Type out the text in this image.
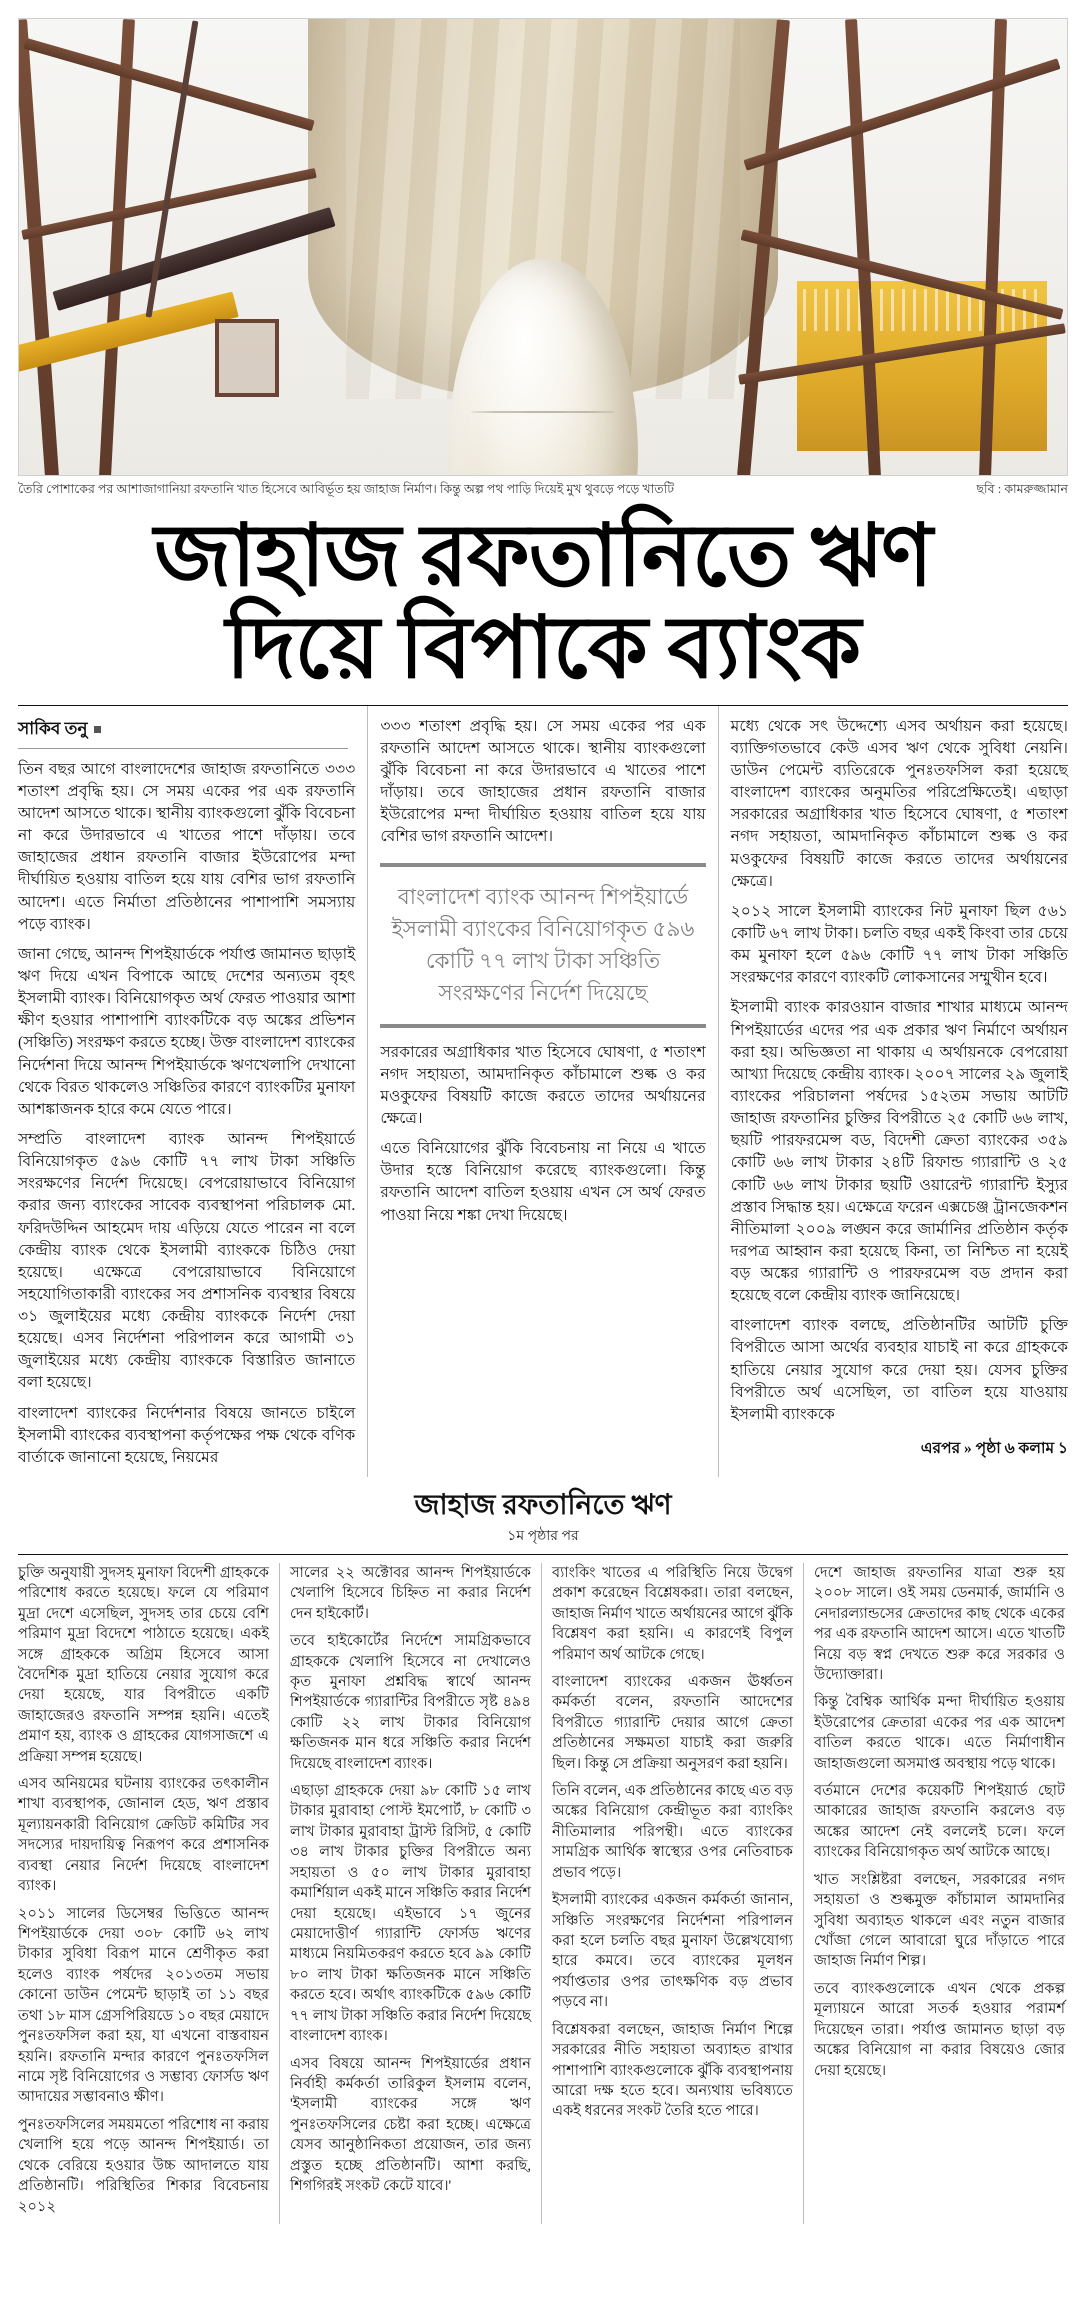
তৈরি পোশাকের পর আশাজাগানিয়া রফতানি খাত হিসেবে আবির্ভূত হয় জাহাজ নির্মাণ। কিন্তু অল্প পথ পাড়ি দিয়েই মুখ থুবড়ে পড়ে খাতটি	ছবি : কামরুজ্জামান
জাহাজ রফতানিতে ঋণ
দিয়ে বিপাকে ব্যাংক
সাকিব তনু

তিন বছর আগে বাংলাদেশের জাহাজ রফতানিতে ৩৩৩ শতাংশ প্রবৃদ্ধি হয়। সে সময় একের পর এক রফতানি আদেশ আসতে থাকে। স্থানীয় ব্যাংকগুলো ঝুঁকি বিবেচনা না করে উদারভাবে এ খাতের পাশে দাঁড়ায়। তবে জাহাজের প্রধান রফতানি বাজার ইউরোপের মন্দা দীর্ঘায়িত হওয়ায় বাতিল হয়ে যায় বেশির ভাগ রফতানি আদেশ। এতে নির্মাতা প্রতিষ্ঠানের পাশাপাশি সমস্যায় পড়ে ব্যাংক।

জানা গেছে, আনন্দ শিপইয়ার্ডকে পর্যাপ্ত জামানত ছাড়াই ঋণ দিয়ে এখন বিপাকে আছে দেশের অন্যতম বৃহৎ ইসলামী ব্যাংক। বিনিয়োগকৃত অর্থ ফেরত পাওয়ার আশা ক্ষীণ হওয়ার পাশাপাশি ব্যাংকটিকে বড় অঙ্কের প্রভিশন (সঞ্চিতি) সংরক্ষণ করতে হচ্ছে। উক্ত বাংলাদেশ ব্যাংকের নির্দেশনা দিয়ে আনন্দ শিপইয়ার্ডকে ঋণখেলাপি দেখানো থেকে বিরত থাকলেও সঞ্চিতির কারণে ব্যাংকটির মুনাফা আশঙ্কাজনক হারে কমে যেতে পারে।

সম্প্রতি বাংলাদেশ ব্যাংক আনন্দ শিপইয়ার্ডে বিনিয়োগকৃত ৫৯৬ কোটি ৭৭ লাখ টাকা সঞ্চিতি সংরক্ষণের নির্দেশ দিয়েছে। বেপরোয়াভাবে বিনিয়োগ করার জন্য ব্যাংকের সাবেক ব্যবস্থাপনা পরিচালক মো. ফরিদউদ্দিন আহমেদ দায় এড়িয়ে যেতে পারেন না বলে কেন্দ্রীয় ব্যাংক থেকে ইসলামী ব্যাংককে চিঠিও দেয়া হয়েছে। এক্ষেত্রে বেপরোয়াভাবে বিনিয়োগে সহযোগিতাকারী ব্যাংকের সব প্রশাসনিক ব্যবস্থার বিষয়ে ৩১ জুলাইয়ের মধ্যে কেন্দ্রীয় ব্যাংককে নির্দেশ দেয়া হয়েছে। এসব নির্দেশনা পরিপালন করে আগামী ৩১ জুলাইয়ের মধ্যে কেন্দ্রীয় ব্যাংককে বিস্তারিত জানাতে বলা হয়েছে।

বাংলাদেশ ব্যাংকের নির্দেশনার বিষয়ে জানতে চাইলে ইসলামী ব্যাংকের ব্যবস্থাপনা কর্তৃপক্ষের পক্ষ থেকে বণিক বার্তাকে জানানো হয়েছে, নিয়মের

৩৩৩ শতাংশ প্রবৃদ্ধি হয়। সে সময় একের পর এক রফতানি আদেশ আসতে থাকে। স্থানীয় ব্যাংকগুলো ঝুঁকি বিবেচনা না করে উদারভাবে এ খাতের পাশে দাঁড়ায়। তবে জাহাজের প্রধান রফতানি বাজার ইউরোপের মন্দা দীর্ঘায়িত হওয়ায় বাতিল হয়ে যায় বেশির ভাগ রফতানি আদেশ।

বাংলাদেশ ব্যাংক আনন্দ শিপইয়ার্ডে ইসলামী ব্যাংকের বিনিয়োগকৃত ৫৯৬ কোটি ৭৭ লাখ টাকা সঞ্চিতি সংরক্ষণের নির্দেশ দিয়েছে

সরকারের অগ্রাধিকার খাত হিসেবে ঘোষণা, ৫ শতাংশ নগদ সহায়তা, আমদানিকৃত কাঁচামালে শুল্ক ও কর মওকুফের বিষয়টি কাজে করতে তাদের অর্থায়নের ক্ষেত্রে।

এতে বিনিয়োগের ঝুঁকি বিবেচনায় না নিয়ে এ খাতে উদার হস্তে বিনিয়োগ করেছে ব্যাংকগুলো। কিন্তু রফতানি আদেশ বাতিল হওয়ায় এখন সে অর্থ ফেরত পাওয়া নিয়ে শঙ্কা দেখা দিয়েছে।

মধ্যে থেকে সৎ উদ্দেশ্যে এসব অর্থায়ন করা হয়েছে। ব্যাক্তিগতভাবে কেউ এসব ঋণ থেকে সুবিধা নেয়নি। ডাউন পেমেন্ট ব্যতিরেকে পুনঃতফসিল করা হয়েছে বাংলাদেশ ব্যাংকের অনুমতির পরিপ্রেক্ষিতেই। এছাড়া সরকারের অগ্রাধিকার খাত হিসেবে ঘোষণা, ৫ শতাংশ নগদ সহায়তা, আমদানিকৃত কাঁচামালে শুল্ক ও কর মওকুফের বিষয়টি কাজে করতে তাদের অর্থায়নের ক্ষেত্রে।

২০১২ সালে ইসলামী ব্যাংকের নিট মুনাফা ছিল ৫৬১ কোটি ৬৭ লাখ টাকা। চলতি বছর একই কিংবা তার চেয়ে কম মুনাফা হলে ৫৯৬ কোটি ৭৭ লাখ টাকা সঞ্চিতি সংরক্ষণের কারণে ব্যাংকটি লোকসানের সম্মুখীন হবে।

ইসলামী ব্যাংক কারওয়ান বাজার শাখার মাধ্যমে আনন্দ শিপইয়ার্ডের এদের পর এক প্রকার ঋণ নির্মাণে অর্থায়ন করা হয়। অভিজ্ঞতা না থাকায় এ অর্থায়নকে বেপরোয়া আখ্যা দিয়েছে কেন্দ্রীয় ব্যাংক। ২০০৭ সালের ২৯ জুলাই ব্যাংকের পরিচালনা পর্ষদের ১৫২তম সভায় আটটি জাহাজ রফতানির চুক্তির বিপরীতে ২৫ কোটি ৬৬ লাখ, ছয়টি পারফরমেন্স বড, বিদেশী ক্রেতা ব্যাংকের ৩৫৯ কোটি ৬৬ লাখ টাকার ২৪টি রিফান্ড গ্যারান্টি ও ২৫ কোটি ৬৬ লাখ টাকার ছয়টি ওয়ারেন্ট গ্যারান্টি ইস্যুর প্রস্তাব সিদ্ধান্ত হয়। এক্ষেত্রে ফরেন এক্সচেঞ্জ ট্রানজেকশন নীতিমালা ২০০৯ লঙ্ঘন করে জার্মানির প্রতিষ্ঠান কর্তৃক দরপত্র আহ্বান করা হয়েছে কিনা, তা নিশ্চিত না হয়েই বড় অঙ্কের গ্যারান্টি ও পারফরমেন্স বড প্রদান করা হয়েছে বলে কেন্দ্রীয় ব্যাংক জানিয়েছে।

বাংলাদেশ ব্যাংক বলছে, প্রতিষ্ঠানটির আটটি চুক্তি বিপরীতে আসা অর্থের ব্যবহার যাচাই না করে গ্রাহককে হাতিয়ে নেয়ার সুযোগ করে দেয়া হয়। যেসব চুক্তির বিপরীতে অর্থ এসেছিল, তা বাতিল হয়ে যাওয়ায় ইসলামী ব্যাংককে

এরপর » পৃষ্ঠা ৬ কলাম ১
জাহাজ রফতানিতে ঋণ
১ম পৃষ্ঠার পর

চুক্তি অনুযায়ী সুদসহ মুনাফা বিদেশী গ্রাহককে পরিশোধ করতে হয়েছে। ফলে যে পরিমাণ মুদ্রা দেশে এসেছিল, সুদসহ তার চেয়ে বেশি পরিমাণ মুদ্রা বিদেশে পাঠাতে হয়েছে। একই সঙ্গে গ্রাহককে অগ্রিম হিসেবে আসা বৈদেশিক মুদ্রা হাতিয়ে নেয়ার সুযোগ করে দেয়া হয়েছে, যার বিপরীতে একটি জাহাজেরও রফতানি সম্পন্ন হয়নি। এতেই প্রমাণ হয়, ব্যাংক ও গ্রাহকের যোগসাজশে এ প্রক্রিয়া সম্পন্ন হয়েছে।

এসব অনিয়মের ঘটনায় ব্যাংকের তৎকালীন শাখা ব্যবস্থাপক, জোনাল হেড, ঋণ প্রস্তাব মূল্যায়নকারী বিনিয়োগ ক্রেডিট কমিটির সব সদস্যের দায়দায়িত্ব নিরূপণ করে প্রশাসনিক ব্যবস্থা নেয়ার নির্দেশ দিয়েছে বাংলাদেশ ব্যাংক।

২০১১ সালের ডিসেম্বর ভিত্তিতে আনন্দ শিপইয়ার্ডকে দেয়া ৩০৮ কোটি ৬২ লাখ টাকার সুবিধা বিরূপ মানে শ্রেণীকৃত করা হলেও ব্যাংক পর্ষদের ২০১৩তম সভায় কোনো ডাউন পেমেন্ট ছাড়াই তা ১১ বছর তথা ১৮ মাস গ্রেসপিরিয়ডে ১০ বছর মেয়াদে পুনঃতফসিল করা হয়, যা এখনো বাস্তবায়ন হয়নি। রফতানি মন্দার কারণে পুনঃতফসিল নামে সৃষ্ট বিনিয়োগের ও সম্ভাব্য ফোর্সড ঋণ আদায়ের সম্ভাবনাও ক্ষীণ।

পুনঃতফসিলের সময়মতো পরিশোধ না করায় খেলাপি হয়ে পড়ে আনন্দ শিপইয়ার্ড। তা থেকে বেরিয়ে হওয়ার উচ্চ আদালতে যায় প্রতিষ্ঠানটি। পরিস্থিতির শিকার বিবেচনায় ২০১২

সালের ২২ অক্টোবর আনন্দ শিপইয়ার্ডকে খেলাপি হিসেবে চিহ্নিত না করার নির্দেশ দেন হাইকোর্ট।

তবে হাইকোর্টের নির্দেশে সামগ্রিকভাবে গ্রাহককে খেলাপি হিসেবে না দেখালেও কৃত মুনাফা প্রশ্নবিদ্ধ স্বার্থে আনন্দ শিপইয়ার্ডকে গ্যারান্টির বিপরীতে সৃষ্ট ৪৯৪ কোটি ২২ লাখ টাকার বিনিয়োগ ক্ষতিজনক মান ধরে সঞ্চিতি করার নির্দেশ দিয়েছে বাংলাদেশ ব্যাংক।

এছাড়া গ্রাহককে দেয়া ৯৮ কোটি ১৫ লাখ টাকার মুরাবাহা পোস্ট ইমপোর্ট, ৮ কোটি ৩ লাখ টাকার মুরাবাহা ট্রাস্ট রিসিট, ৫ কোটি ৩৪ লাখ টাকার চুক্তির বিপরীতে অন্য সহায়তা ও ৫০ লাখ টাকার মুরাবাহা কমার্শিয়াল একই মানে সঞ্চিতি করার নির্দেশ দেয়া হয়েছে। এইভাবে ১৭ জুনের মেয়াদোত্তীর্ণ গ্যারান্টি ফোর্সড ঋণের মাধ্যমে নিয়মিতকরণ করতে হবে ৯৯ কোটি ৮০ লাখ টাকা ক্ষতিজনক মানে সঞ্চিতি করতে হবে। অর্থাৎ ব্যাংকটিকে ৫৯৬ কোটি ৭৭ লাখ টাকা সঞ্চিতি করার নির্দেশ দিয়েছে বাংলাদেশ ব্যাংক।

এসব বিষয়ে আনন্দ শিপইয়ার্ডের প্রধান নির্বাহী কর্মকর্তা তারিকুল ইসলাম বলেন, 'ইসলামী ব্যাংকের সঙ্গে ঋণ পুনঃতফসিলের চেষ্টা করা হচ্ছে। এক্ষেত্রে যেসব আনুষ্ঠানিকতা প্রয়োজন, তার জন্য প্রস্তুত হচ্ছে প্রতিষ্ঠানটি। আশা করছি, শিগগিরই সংকট কেটে যাবে।'

ব্যাংকিং খাতের এ পরিস্থিতি নিয়ে উদ্বেগ প্রকাশ করেছেন বিশ্লেষকরা। তারা বলছেন, জাহাজ নির্মাণ খাতে অর্থায়নের আগে ঝুঁকি বিশ্লেষণ করা হয়নি। এ কারণেই বিপুল পরিমাণ অর্থ আটকে গেছে।

বাংলাদেশ ব্যাংকের একজন ঊর্ধ্বতন কর্মকর্তা বলেন, রফতানি আদেশের বিপরীতে গ্যারান্টি দেয়ার আগে ক্রেতা প্রতিষ্ঠানের সক্ষমতা যাচাই করা জরুরি ছিল। কিন্তু সে প্রক্রিয়া অনুসরণ করা হয়নি।

তিনি বলেন, এক প্রতিষ্ঠানের কাছে এত বড় অঙ্কের বিনিয়োগ কেন্দ্রীভূত করা ব্যাংকিং নীতিমালার পরিপন্থী। এতে ব্যাংকের সামগ্রিক আর্থিক স্বাস্থ্যের ওপর নেতিবাচক প্রভাব পড়ে।

ইসলামী ব্যাংকের একজন কর্মকর্তা জানান, সঞ্চিতি সংরক্ষণের নির্দেশনা পরিপালন করা হলে চলতি বছর মুনাফা উল্লেখযোগ্য হারে কমবে। তবে ব্যাংকের মূলধন পর্যাপ্ততার ওপর তাৎক্ষণিক বড় প্রভাব পড়বে না।

বিশ্লেষকরা বলছেন, জাহাজ নির্মাণ শিল্পে সরকারের নীতি সহায়তা অব্যাহত রাখার পাশাপাশি ব্যাংকগুলোকে ঝুঁকি ব্যবস্থাপনায় আরো দক্ষ হতে হবে। অন্যথায় ভবিষ্যতে একই ধরনের সংকট তৈরি হতে পারে।

দেশে জাহাজ রফতানির যাত্রা শুরু হয় ২০০৮ সালে। ওই সময় ডেনমার্ক, জার্মানি ও নেদারল্যান্ডসের ক্রেতাদের কাছ থেকে একের পর এক রফতানি আদেশ আসে। এতে খাতটি নিয়ে বড় স্বপ্ন দেখতে শুরু করে সরকার ও উদ্যোক্তারা।

কিন্তু বৈশ্বিক আর্থিক মন্দা দীর্ঘায়িত হওয়ায় ইউরোপের ক্রেতারা একের পর এক আদেশ বাতিল করতে থাকে। এতে নির্মাণাধীন জাহাজগুলো অসমাপ্ত অবস্থায় পড়ে থাকে।

বর্তমানে দেশের কয়েকটি শিপইয়ার্ড ছোট আকারের জাহাজ রফতানি করলেও বড় অঙ্কের আদেশ নেই বললেই চলে। ফলে ব্যাংকের বিনিয়োগকৃত অর্থ আটকে আছে।

খাত সংশ্লিষ্টরা বলছেন, সরকারের নগদ সহায়তা ও শুল্কমুক্ত কাঁচামাল আমদানির সুবিধা অব্যাহত থাকলে এবং নতুন বাজার খোঁজা গেলে আবারো ঘুরে দাঁড়াতে পারে জাহাজ নির্মাণ শিল্প।

তবে ব্যাংকগুলোকে এখন থেকে প্রকল্প মূল্যায়নে আরো সতর্ক হওয়ার পরামর্শ দিয়েছেন তারা। পর্যাপ্ত জামানত ছাড়া বড় অঙ্কের বিনিয়োগ না করার বিষয়েও জোর দেয়া হয়েছে।
